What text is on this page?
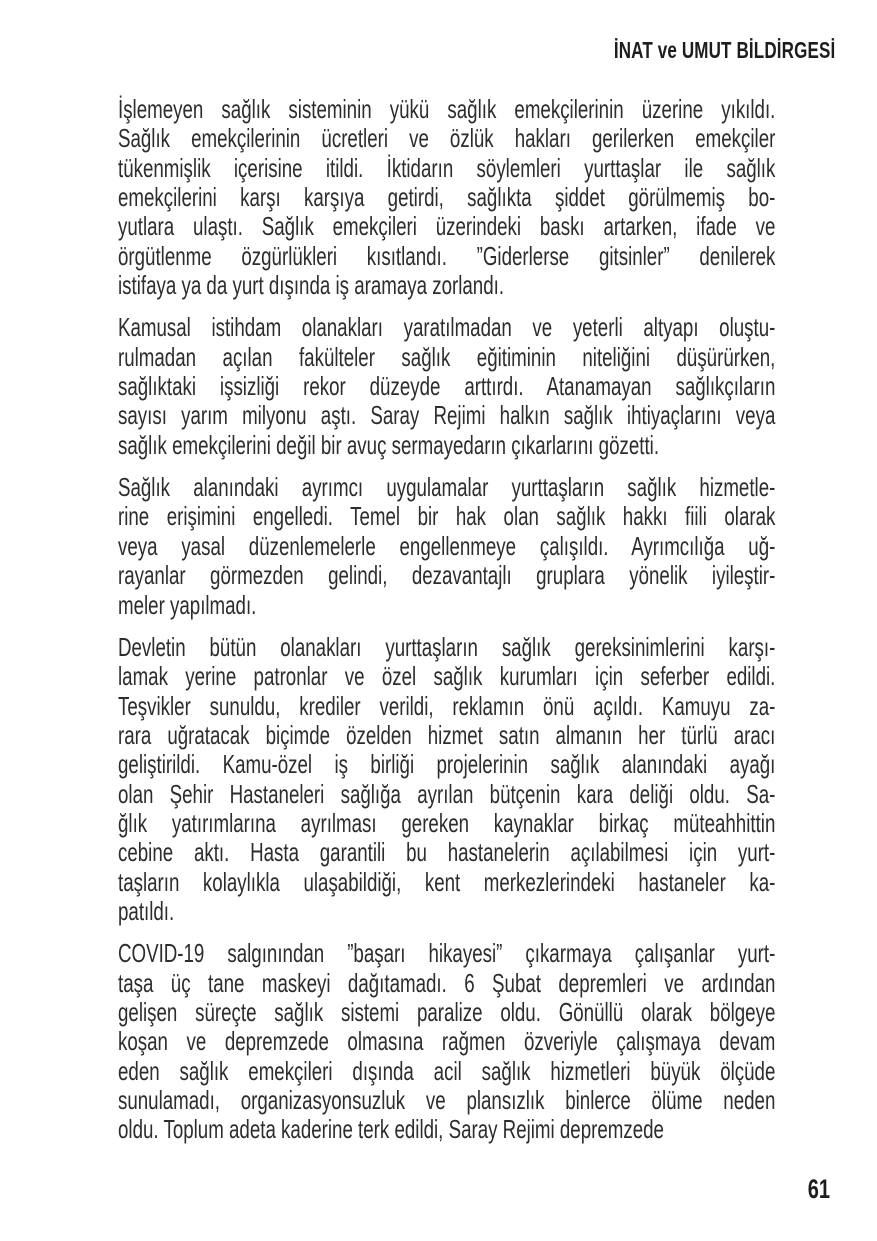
İNAT ve UMUT BİLDİRGESİ
İşlemeyen sağlık sisteminin yükü sağlık emekçilerinin üzerine yıkıldı.
Sağlık emekçilerinin ücretleri ve özlük hakları gerilerken emekçiler
tükenmişlik içerisine itildi. İktidarın söylemleri yurttaşlar ile sağlık
emekçilerini karşı karşıya getirdi, sağlıkta şiddet görülmemiş bo-
yutlara ulaştı. Sağlık emekçileri üzerindeki baskı artarken, ifade ve
örgütlenme özgürlükleri kısıtlandı. ”Giderlerse gitsinler” denilerek
istifaya ya da yurt dışında iş aramaya zorlandı.
Kamusal istihdam olanakları yaratılmadan ve yeterli altyapı oluştu-
rulmadan açılan fakülteler sağlık eğitiminin niteliğini düşürürken,
sağlıktaki işsizliği rekor düzeyde arttırdı. Atanamayan sağlıkçıların
sayısı yarım milyonu aştı. Saray Rejimi halkın sağlık ihtiyaçlarını veya
sağlık emekçilerini değil bir avuç sermayedarın çıkarlarını gözetti.
Sağlık alanındaki ayrımcı uygulamalar yurttaşların sağlık hizmetle-
rine erişimini engelledi. Temel bir hak olan sağlık hakkı fiili olarak
veya yasal düzenlemelerle engellenmeye çalışıldı. Ayrımcılığa uğ-
rayanlar görmezden gelindi, dezavantajlı gruplara yönelik iyileştir-
meler yapılmadı.
Devletin bütün olanakları yurttaşların sağlık gereksinimlerini karşı-
lamak yerine patronlar ve özel sağlık kurumları için seferber edildi.
Teşvikler sunuldu, krediler verildi, reklamın önü açıldı. Kamuyu za-
rara uğratacak biçimde özelden hizmet satın almanın her türlü aracı
geliştirildi. Kamu-özel iş birliği projelerinin sağlık alanındaki ayağı
olan Şehir Hastaneleri sağlığa ayrılan bütçenin kara deliği oldu. Sa-
ğlık yatırımlarına ayrılması gereken kaynaklar birkaç müteahhittin
cebine aktı. Hasta garantili bu hastanelerin açılabilmesi için yurt-
taşların kolaylıkla ulaşabildiği, kent merkezlerindeki hastaneler ka-
patıldı.
COVID-19 salgınından ”başarı hikayesi” çıkarmaya çalışanlar yurt-
taşa üç tane maskeyi dağıtamadı. 6 Şubat depremleri ve ardından
gelişen süreçte sağlık sistemi paralize oldu. Gönüllü olarak bölgeye
koşan ve depremzede olmasına rağmen özveriyle çalışmaya devam
eden sağlık emekçileri dışında acil sağlık hizmetleri büyük ölçüde
sunulamadı, organizasyonsuzluk ve plansızlık binlerce ölüme neden
oldu. Toplum adeta kaderine terk edildi, Saray Rejimi depremzede
61
